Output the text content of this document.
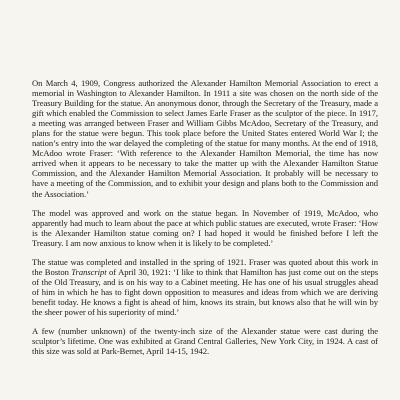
On March 4, 1909, Congress authorized the Alexander Hamilton Memorial Association to erect a memorial in Washington to Alexander Hamilton. In 1911 a site was chosen on the north side of the Treasury Building for the statue. An anonymous donor, through the Secretary of the Treasury, made a gift which enabled the Commission to select James Earle Fraser as the sculptor of the piece. In 1917, a meeting was arranged between Fraser and William Gibbs McAdoo, Secretary of the Treasury, and plans for the statue were begun. This took place before the United States entered World War I; the nation’s entry into the war delayed the completing of the statue for many months. At the end of 1918, McAdoo wrote Fraser: ‘With reference to the Alexander Hamilton Memorial, the time has now arrived when it appears to be necessary to take the matter up with the Alexander Hamilton Statue Commission, and the Alexander Hamilton Memorial Association. It probably will be necessary to have a meeting of the Commission, and to exhibit your design and plans both to the Commission and the Association.’

The model was approved and work on the statue began. In November of 1919, McAdoo, who apparently had much to learn about the pace at which public statues are executed, wrote Fraser: ‘How is the Alexander Hamilton statue coming on? I had hoped it would be finished before I left the Treasury. I am now anxious to know when it is likely to be completed.’

The statue was completed and installed in the spring of 1921. Fraser was quoted about this work in the Boston Transcript of April 30, 1921: ‘I like to think that Hamilton has just come out on the steps of the Old Treasury, and is on his way to a Cabinet meeting. He has one of his usual struggles ahead of him in which he has to fight down opposition to measures and ideas from which we are deriving benefit today. He knows a fight is ahead of him, knows its strain, but knows also that he will win by the sheer power of his superiority of mind.’

A few (number unknown) of the twenty-inch size of the Alexander statue were cast during the sculptor’s lifetime. One was exhibited at Grand Central Galleries, New York City, in 1924. A cast of this size was sold at Park-Bernet, April 14-15, 1942.
